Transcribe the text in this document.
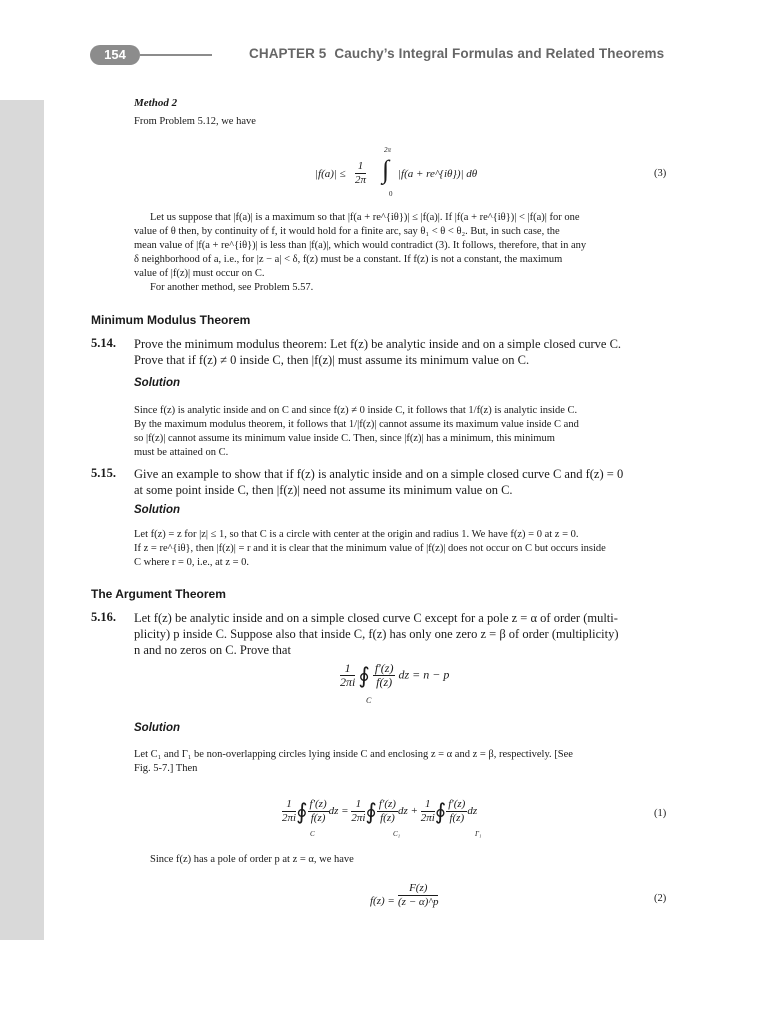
154	CHAPTER 5 Cauchy’s Integral Formulas and Related Theorems
Method 2
From Problem 5.12, we have
$|f(a)| \le \frac{1}{2\pi}$ ∫
2π
0
|f(a + re^{iθ})| dθ	(3)
Let us suppose that |f(a)| is a maximum so that |f(a + re^{iθ})| ≤ |f(a)|. If |f(a + re^{iθ})| < |f(a)| for one
value of θ then, by continuity of f, it would hold for a finite arc, say θ₁ < θ < θ₂. But, in such case, the
mean value of |f(a + re^{iθ})| is less than |f(a)|, which would contradict (3). It follows, therefore, that in any
δ neighborhood of a, i.e., for |z − a| < δ, f(z) must be a constant. If f(z) is not a constant, the maximum
value of |f(z)| must occur on C.
For another method, see Problem 5.57.
Minimum Modulus Theorem
5.14. Prove the minimum modulus theorem: Let f(z) be analytic inside and on a simple closed curve C.
Prove that if f(z) ≠ 0 inside C, then |f(z)| must assume its minimum value on C.
Solution
Since f(z) is analytic inside and on C and since f(z) ≠ 0 inside C, it follows that 1/f(z) is analytic inside C.
By the maximum modulus theorem, it follows that 1/|f(z)| cannot assume its maximum value inside C and
so |f(z)| cannot assume its minimum value inside C. Then, since |f(z)| has a minimum, this minimum
must be attained on C.
5.15. Give an example to show that if f(z) is analytic inside and on a simple closed curve C and f(z) = 0
at some point inside C, then |f(z)| need not assume its minimum value on C.
Solution
Let f(z) = z for |z| ≤ 1, so that C is a circle with center at the origin and radius 1. We have f(z) = 0 at z = 0.
If z = re^{iθ}, then |f(z)| = r and it is clear that the minimum value of |f(z)| does not occur on C but occurs inside
C where r = 0, i.e., at z = 0.
The Argument Theorem
5.16. Let f(z) be analytic inside and on a simple closed curve C except for a pole z = α of order (multi-
plicity) p inside C. Suppose also that inside C, f(z) has only one zero z = β of order (multiplicity)
n and no zeros on C. Prove that
$\frac{1}{2\pi i}$ ∮ $\frac{f'(z)}{f(z)}$ dz = n − p
C
Solution
Let C₁ and Γ₁ be non-overlapping circles lying inside C and enclosing z = α and z = β, respectively. [See
Fig. 5-7.] Then
$\frac{1}{2\pi i}$ ∮ $\frac{f'(z)}{f(z)}$ dz = $\frac{1}{2\pi i}$ ∮ $\frac{f'(z)}{f(z)}$ dz + $\frac{1}{2\pi i}$ ∮ $\frac{f'(z)}{f(z)}$ dz
C	C₁	Γ₁
(1)
Since f(z) has a pole of order p at z = α, we have
$f(z) = \frac{F(z)}{(z - \alpha)\^{}p}$	(2)
